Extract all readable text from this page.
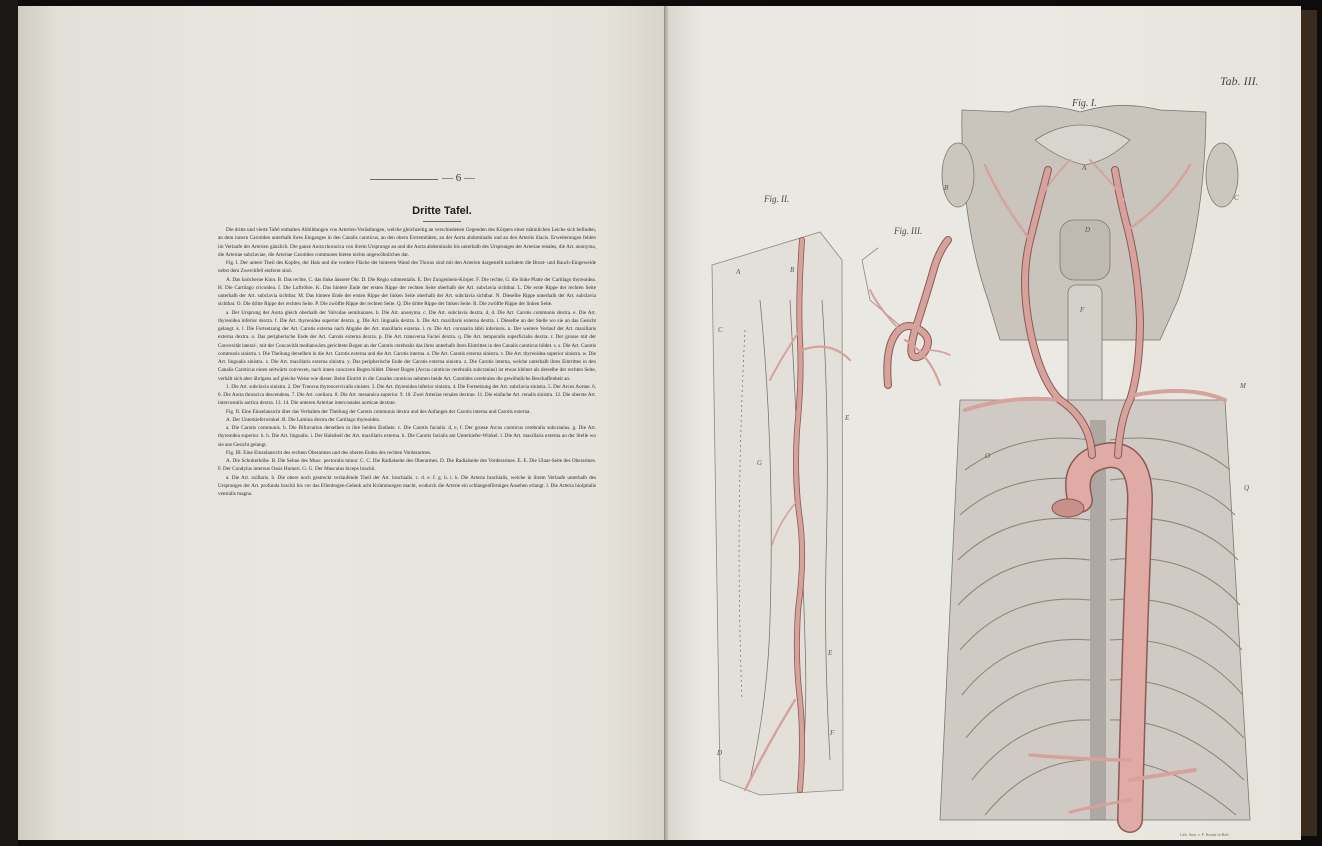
— 6 —
Dritte Tafel.

Die dritte und vierte Tafel enthalten Abbildungen von Arterien-Verästlungen, welche gleichzeitig an verschiedenen Gegenden des Körpers einer männlichen Leiche sich befinden, an dem innern Carotiden unterhalb ihres Einganges in den Canalis caroticus, an den obern Extremitäten, an der Aorta abdominalis und an den Arteriis iliacis. Erweiterungen fehlen im Verlaufe der Arterien gänzlich. Die ganze Aorta thoracica von ihrem Ursprunge an und die Aorta abdominalis bis unterhalb des Ursprunges der Arteriae renales, die Art. anonyma, die Arteriae subclaviae, die Arteriae Carotides communes bieten nichts ungewöhnliches dar.

Fig. I. Der untere Theil des Kopfes, der Hals und die vordere Fläche der hinteren Wand des Thorax sind mit den Arterien dargestellt nachdem die Brust- und Bauch-Eingeweide nebst dem Zwerchfell entfernt sind.

A. Das knöcherne Kinn. B. Das rechte, C. das linke äussere Ohr. D. Die Regio submentalis. E. Der Zungenbein-Körper. F. Die rechte, G. die linke Platte der Cartilago thyreoidea. H. Die Cartilago cricoidea. I. Die Luftröhre. K. Das hintere Ende der ersten Rippe der rechten Seite oberhalb der Art. subclavia sichtbar. L. Die erste Rippe der rechten Seite unterhalb der Art. subclavia sichtbar. M. Das hintere Ende der ersten Rippe der linken Seite oberhalb der Art. subclavia sichtbar. N. Dieselbe Rippe unterhalb der Art. subclavia sichtbar. O. Die dritte Rippe der rechten Seite. P. Die zwölfte Rippe der rechten Seite. Q. Die dritte Rippe der linken Seite. R. Die zwölfte Rippe der linken Seite.

a. Der Ursprung der Aorta gleich oberhalb der Valvulae semilunares. b. Die Art. anonyma. c. Die Art. subclavia dextra. d, d. Die Art. Carotis communis dextra. e. Die Art. thyreoidea inferior dextra. f. Die Art. thyreoidea superior dextra. g. Die Art. lingualis dextra. h. Die Art. maxillaris externa dextra. i. Dieselbe an der Stelle wo sie an das Gesicht gelangt. k. l. Die Fortsetzung der Art. Carotis externa nach Abgabe der Art. maxillaris externa. l. m. Die Art. coronaria labii inferioris. n. Der weitere Verlauf der Art. maxillaris externa dextra. o. Das peripherische Ende der Art. Carotis externa dextra. p. Die Art. transversa Faciei dextra. q. Die Art. temporalis superficialis dextra. r. Der grosse mit der Convexität lateral-, mit der Concavität medianwärts gerichtete Bogen an der Carotis cerebralis das ihres unterhalb ihres Eintrittes in den Canalis caroticus bildet. s. s. Die Art. Carotis communis sinistra. t. Die Theilung derselben in die Art. Carotis externa und die Art. Carotis interna. u. Die Art. Carotis externa sinistra. v. Die Art. thyreoidea superior sinistra. w. Die Art. lingualis sinistra. x. Die Art. maxillaris externa sinistra. y. Das peripherische Ende der Carotis externa sinistra. z. Die Carotis interna, welche unterhalb ihres Eintrittes in den Canalis Caroticus einen seitwärts convexen, nach innen concaven Bogen bildet. Dieser Bogen (Arcus caroticus cerebralis subcranius) ist etwas kleiner als derselbe der rechten Seite, verhält sich aber übrigens auf gleiche Weise wie dieser. Beim Eintritt in die Canales caroticos nehmen beide Art. Carotides cerebrales die gewöhnliche Beschaffenheit an.

1. Die Art. subclavia sinistra. 2. Der Truncus thyreocervicalis sinister. 3. Die Art. thyreoidea inferior sinistra. 4. Die Fortsetzung der Art. subclavia sinistra. 5. Der Arcus Aortae. 6. 6. Die Aorta thoracica descendens. 7. Die Art. coeliaca. 8. Die Art. mesaraica superior. 9. 10. Zwei Arteriae renales dextrae. 11. Die einfache Art. renalis sinistra. 12. Die oberste Art. intercostalis aortica dextra. 13. 14. Die unteren Arteriae intercostales aorticae dextrae.

Fig. II. Eine Einzelansicht über das Verhalten der Theilung der Carotis communis dextra und des Anfanges der Carotis interna und Carotis externa.

A. Der Unterkieferwinkel. B. Die Lamina dextra der Cartilago thyreoidea.

a. Die Carotis communis. b. Die Bifurcation derselben in ihre beiden Endäste. c. Die Carotis facialis. d, e, f. Der grosse Arcus caroticus cerebralis subcranius. g. Die Art. thyreoidea superior. h. h. Die Art. lingualis. i. Der Halstheil der Art. maxillaris externa. k. Die Carotis facialis am Unterkiefer-Winkel. l. Die Art. maxillaris externa an der Stelle wo sie ans Gesicht gelangt.

Fig. III. Eine Einzelansicht des rechten Oberarmes und des oberen Endes des rechten Vorderarmes.

A. Die Schulterhöhe. B. Die Sehne des Musc. pectoralis minor. C. C. Die Radialseite des Oberarmes. D. Die Radialseite des Vorderarmes. E. E. Die Ulnar-Seite des Oberarmes. F. Der Condylus internus Ossis Humeri. G. G. Der Musculus biceps brachii.

a. Die Art. axillaris. b. Die obere noch gestreckt verlaufende Theil der Art. brachialis. c. d. e. f. g. h. i. k. Die Arteria brachialis, welche in ihrem Verlaufe unterhalb des Ursprunges der Art. profunda brachii bis vor das Ellenbogen-Gelenk acht Krümmungen macht, wodurch die Arterie ein schlangenförmiges Ansehen erlangt. l. Die Arteria hiolpitalis ventralis magna.

A	B
C
G
E
E
F
D
B
C
A
D
F
O
M
Q
Tab. III.
Fig. I.
Fig. II.
Fig. III.
Lith. Anst. v. F. Krautz in Berl.
